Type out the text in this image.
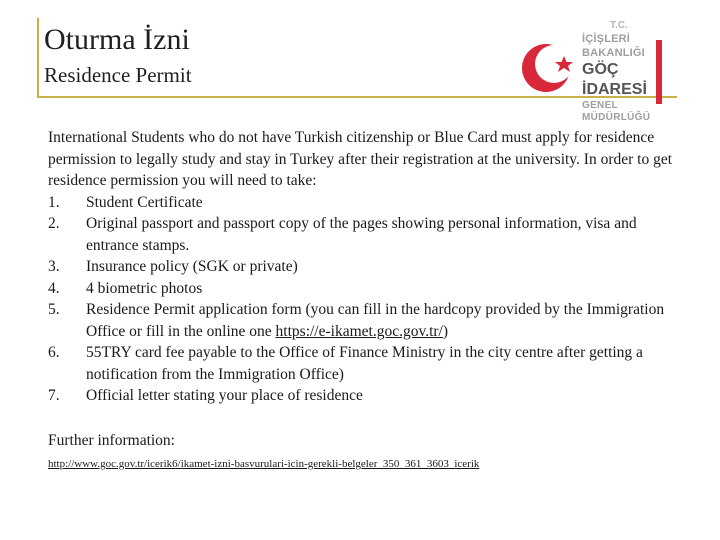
Oturma İzni
Residence Permit
T.C.
İÇİŞLERİ BAKANLIĞI
GÖÇ İDARESİ
GENEL MÜDÜRLÜĞÜ

International Students who do not have Turkish citizenship or Blue Card must apply for residence permission to legally study and stay in Turkey after their registration at the university. In order to get residence permission you will need to take:

1.	Student Certificate
2.	Original passport and passport copy of the pages showing personal information, visa and entrance stamps.
3.	Insurance policy (SGK or private)
4.	4 biometric photos
5.	Residence Permit application form (you can fill in the hardcopy provided by the Immigration Office or fill in the online one https://e-ikamet.goc.gov.tr/)
6.	55TRY card fee payable to the Office of Finance Ministry in the city centre after getting a notification from the Immigration Office)
7.	Official letter stating your place of residence
Further information:
http://www.goc.gov.tr/icerik6/ikamet-izni-basvurulari-icin-gerekli-belgeler_350_361_3603_icerik
